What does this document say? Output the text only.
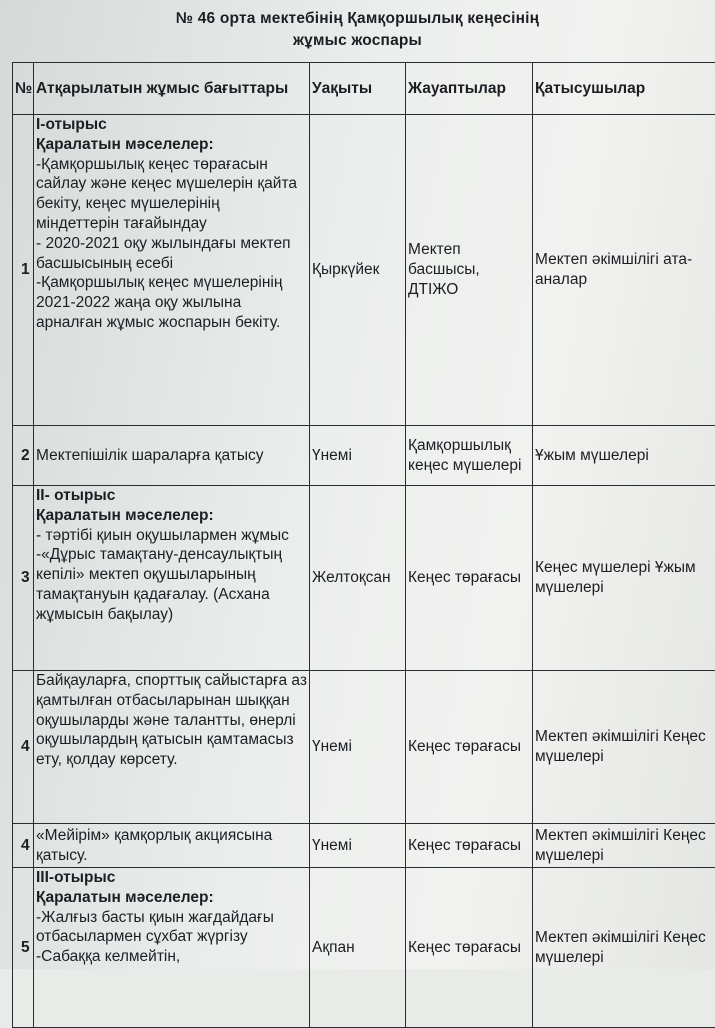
№ 46 орта мектебінің Қамқоршылық кеңесінің
жұмыс жоспары
№	Атқарылатын жұмыс бағыттары	Уақыты	Жауаптылар	Қатысушылар
1	I-отырыс
Қаралатын мәселелер:
-Қамқоршылық кеңес төрағасын сайлау және кеңес мүшелерін қайта бекіту, кеңес мүшелерінің міндеттерін тағайындау
- 2020-2021 оқу жылындағы мектеп басшысының есебі
-Қамқоршылық кеңес мүшелерінің 2021-2022 жаңа оқу жылына арналған жұмыс жоспарын бекіту.	Қыркүйек	Мектеп басшысы, ДТІЖО	Мектеп әкімшілігі ата-аналар
2	Мектепішілік шараларға қатысу	Үнемі	Қамқоршылық кеңес мүшелері	Ұжым мүшелері
3	II- отырыс
Қаралатын мәселелер:
- тәртібі қиын оқушылармен жұмыс
-«Дұрыс тамақтану-денсаулықтың кепілі» мектеп оқушыларының тамақтануын қадағалау. (Асхана жұмысын бақылау)	Желтоқсан	Кеңес төрағасы	Кеңес мүшелері Ұжым мүшелері
4	Байқауларға, спорттық сайыстарға аз қамтылған отбасыларынан шыққан оқушыларды және талантты, өнерлі оқушылардың қатысын қамтамасыз ету, қолдау көрсету.	Үнемі	Кеңес төрағасы	Мектеп әкімшілігі Кеңес мүшелері
4	«Мейірім» қамқорлық акциясына қатысу.	Үнемі	Кеңес төрағасы	Мектеп әкімшілігі Кеңес мүшелері
5	III-отырыс
Қаралатын мәселелер:
-Жалғыз басты қиын жағдайдағы отбасылармен сұхбат жүргізу
-Сабаққа келмейтін,	Ақпан	Кеңес төрағасы	Мектеп әкімшілігі Кеңес мүшелері
